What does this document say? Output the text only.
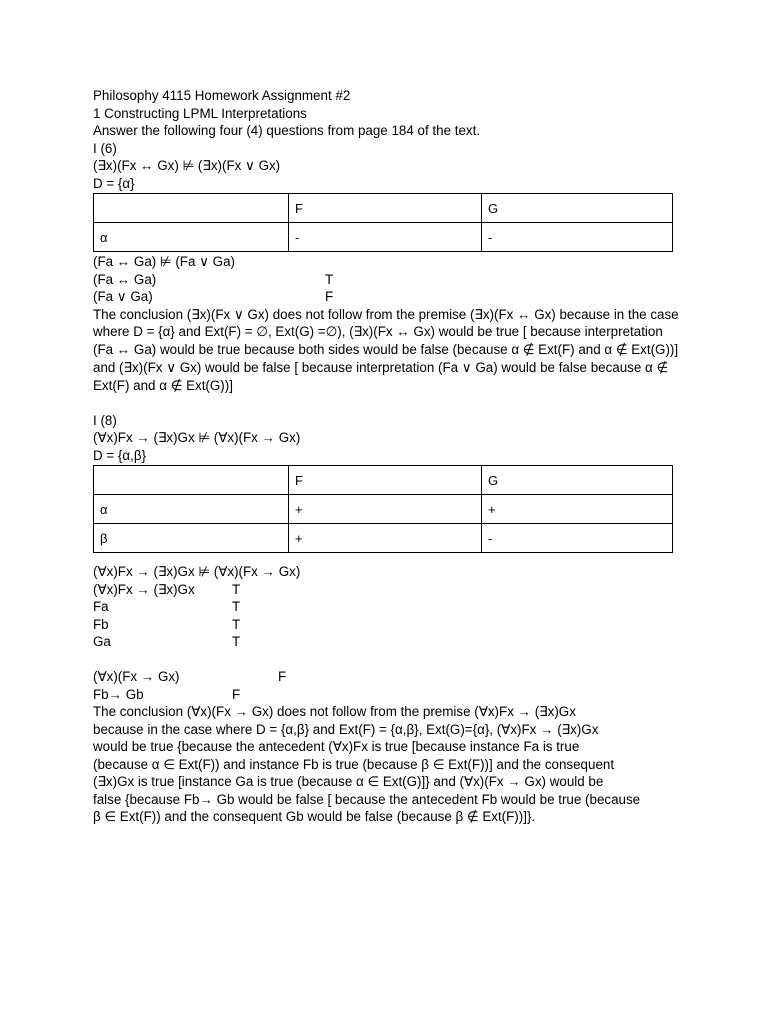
Philosophy 4115 Homework Assignment #2
1 Constructing LPML Interpretations
Answer the following four (4) questions from page 184 of the text.
I (6)
(∃x)(Fx ↔ Gx) ⊭ (∃x)(Fx ∨ Gx)
D = {α}
	F	G
α	-	-
(Fa ↔ Ga) ⊭ (Fa ∨ Ga)
(Fa ↔ Ga)	T
(Fa ∨ Ga)	F
The conclusion (∃x)(Fx ∨ Gx) does not follow from the premise (∃x)(Fx ↔ Gx) because in the case where D = {α} and Ext(F) = ∅, Ext(G) =∅), (∃x)(Fx ↔ Gx) would be true [ because interpretation (Fa ↔ Ga) would be true because both sides would be false (because α ∉ Ext(F) and α ∉ Ext(G))] and (∃x)(Fx ∨ Gx) would be false [ because interpretation (Fa ∨ Ga) would be false because α ∉ Ext(F) and α ∉ Ext(G))]
I (8)
(∀x)Fx → (∃x)Gx ⊭ (∀x)(Fx → Gx)
D = {α,β}
	F	G
α	+	+
β	+	-
(∀x)Fx → (∃x)Gx ⊭ (∀x)(Fx → Gx)
(∀x)Fx → (∃x)Gx	T
Fa	T
Fb	T
Ga	T
(∀x)(Fx → Gx)	F
Fb→ Gb	F
The conclusion (∀x)(Fx → Gx) does not follow from the premise (∀x)Fx → (∃x)Gx
because in the case where D = {α,β} and Ext(F) = {α,β}, Ext(G)={α}, (∀x)Fx → (∃x)Gx
would be true {because the antecedent (∀x)Fx is true [because instance Fa is true
(because α ∈ Ext(F)) and instance Fb is true (because β ∈ Ext(F))] and the consequent
(∃x)Gx is true [instance Ga is true (because α ∈ Ext(G)]} and (∀x)(Fx → Gx) would be
false {because Fb→ Gb would be false [ because the antecedent Fb would be true (because
β ∈ Ext(F)) and the consequent Gb would be false (because β ∉ Ext(F))]}.
